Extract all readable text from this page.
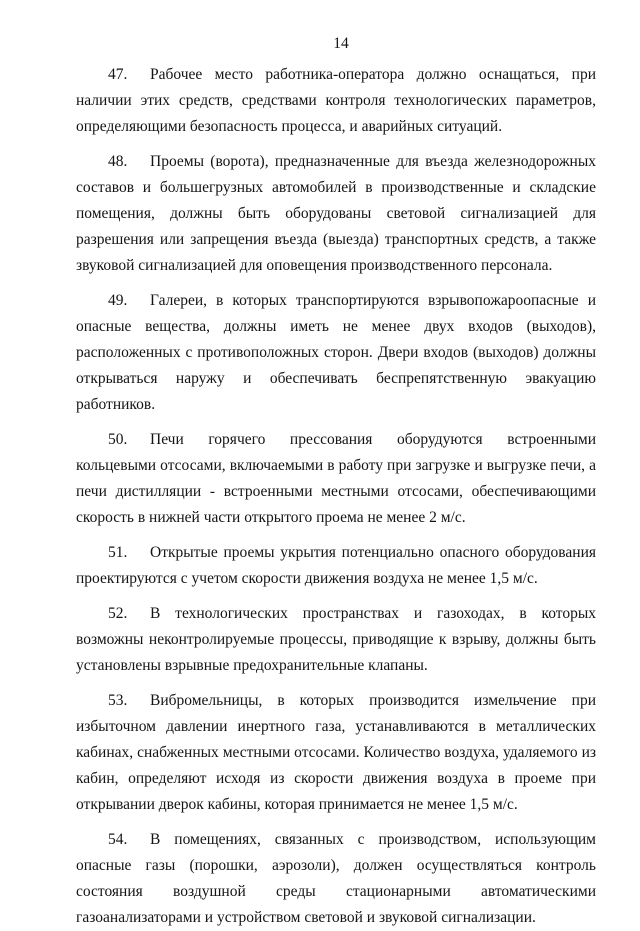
14

47. Рабочее место работника-оператора должно оснащаться, при наличии этих средств, средствами контроля технологических параметров, определяющими безопасность процесса, и аварийных ситуаций.

48. Проемы (ворота), предназначенные для въезда железнодорожных составов и большегрузных автомобилей в производственные и складские помещения, должны быть оборудованы световой сигнализацией для разрешения или запрещения въезда (выезда) транспортных средств, а также звуковой сигнализацией для оповещения производственного персонала.

49. Галереи, в которых транспортируются взрывопожароопасные и опасные вещества, должны иметь не менее двух входов (выходов), расположенных с противоположных сторон. Двери входов (выходов) должны открываться наружу и обеспечивать беспрепятственную эвакуацию работников.

50. Печи горячего прессования оборудуются встроенными кольцевыми отсосами, включаемыми в работу при загрузке и выгрузке печи, а печи дистилляции - встроенными местными отсосами, обеспечивающими скорость в нижней части открытого проема не менее 2 м/с.

51. Открытые проемы укрытия потенциально опасного оборудования проектируются с учетом скорости движения воздуха не менее 1,5 м/с.

52. В технологических пространствах и газоходах, в которых возможны неконтролируемые процессы, приводящие к взрыву, должны быть установлены взрывные предохранительные клапаны.

53. Вибромельницы, в которых производится измельчение при избыточном давлении инертного газа, устанавливаются в металлических кабинах, снабженных местными отсосами. Количество воздуха, удаляемого из кабин, определяют исходя из скорости движения воздуха в проеме при открывании дверок кабины, которая принимается не менее 1,5 м/с.

54. В помещениях, связанных с производством, использующим опасные газы (порошки, аэрозоли), должен осуществляться контроль состояния воздушной среды стационарными автоматическими газоанализаторами и устройством световой и звуковой сигнализации.
